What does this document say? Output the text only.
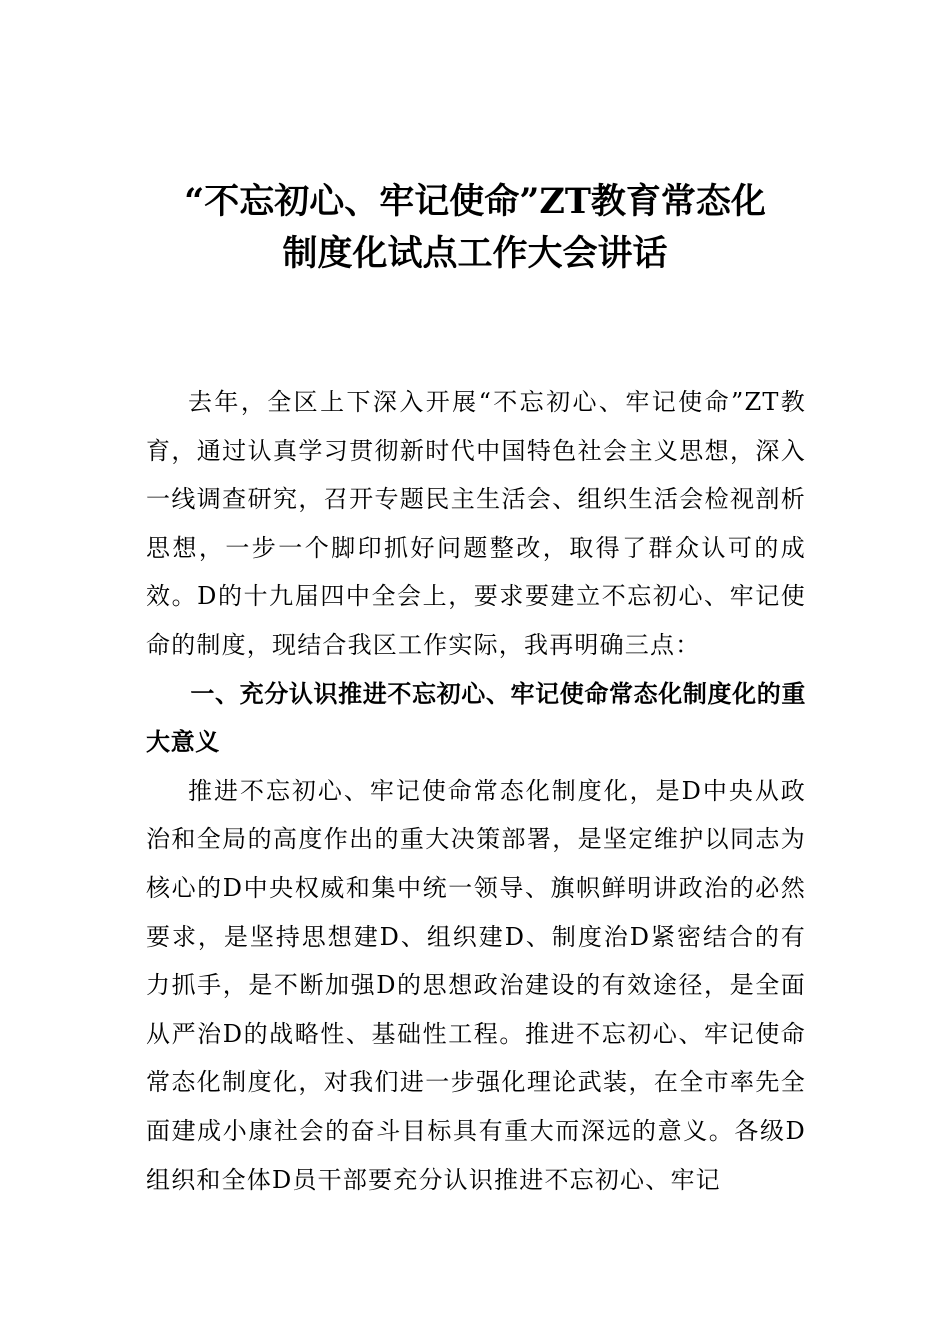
“不忘初心、牢记使命”ZT教育常态化
制度化试点工作大会讲话

去年，全区上下深入开展“不忘初心、牢记使命”ZT教育，通过认真学习贯彻新时代中国特色社会主义思想，深入一线调查研究，召开专题民主生活会、组织生活会检视剖析思想，一步一个脚印抓好问题整改，取得了群众认可的成效。D的十九届四中全会上，要求要建立不忘初心、牢记使命的制度，现结合我区工作实际，我再明确三点：

一、充分认识推进不忘初心、牢记使命常态化制度化的重大意义

推进不忘初心、牢记使命常态化制度化，是D中央从政治和全局的高度作出的重大决策部署，是坚定维护以同志为核心的D中央权威和集中统一领导、旗帜鲜明讲政治的必然要求，是坚持思想建D、组织建D、制度治D紧密结合的有力抓手，是不断加强D的思想政治建设的有效途径，是全面从严治D的战略性、基础性工程。推进不忘初心、牢记使命常态化制度化，对我们进一步强化理论武装，在全市率先全面建成小康社会的奋斗目标具有重大而深远的意义。各级D组织和全体D员干部要充分认识推进不忘初心、牢记
